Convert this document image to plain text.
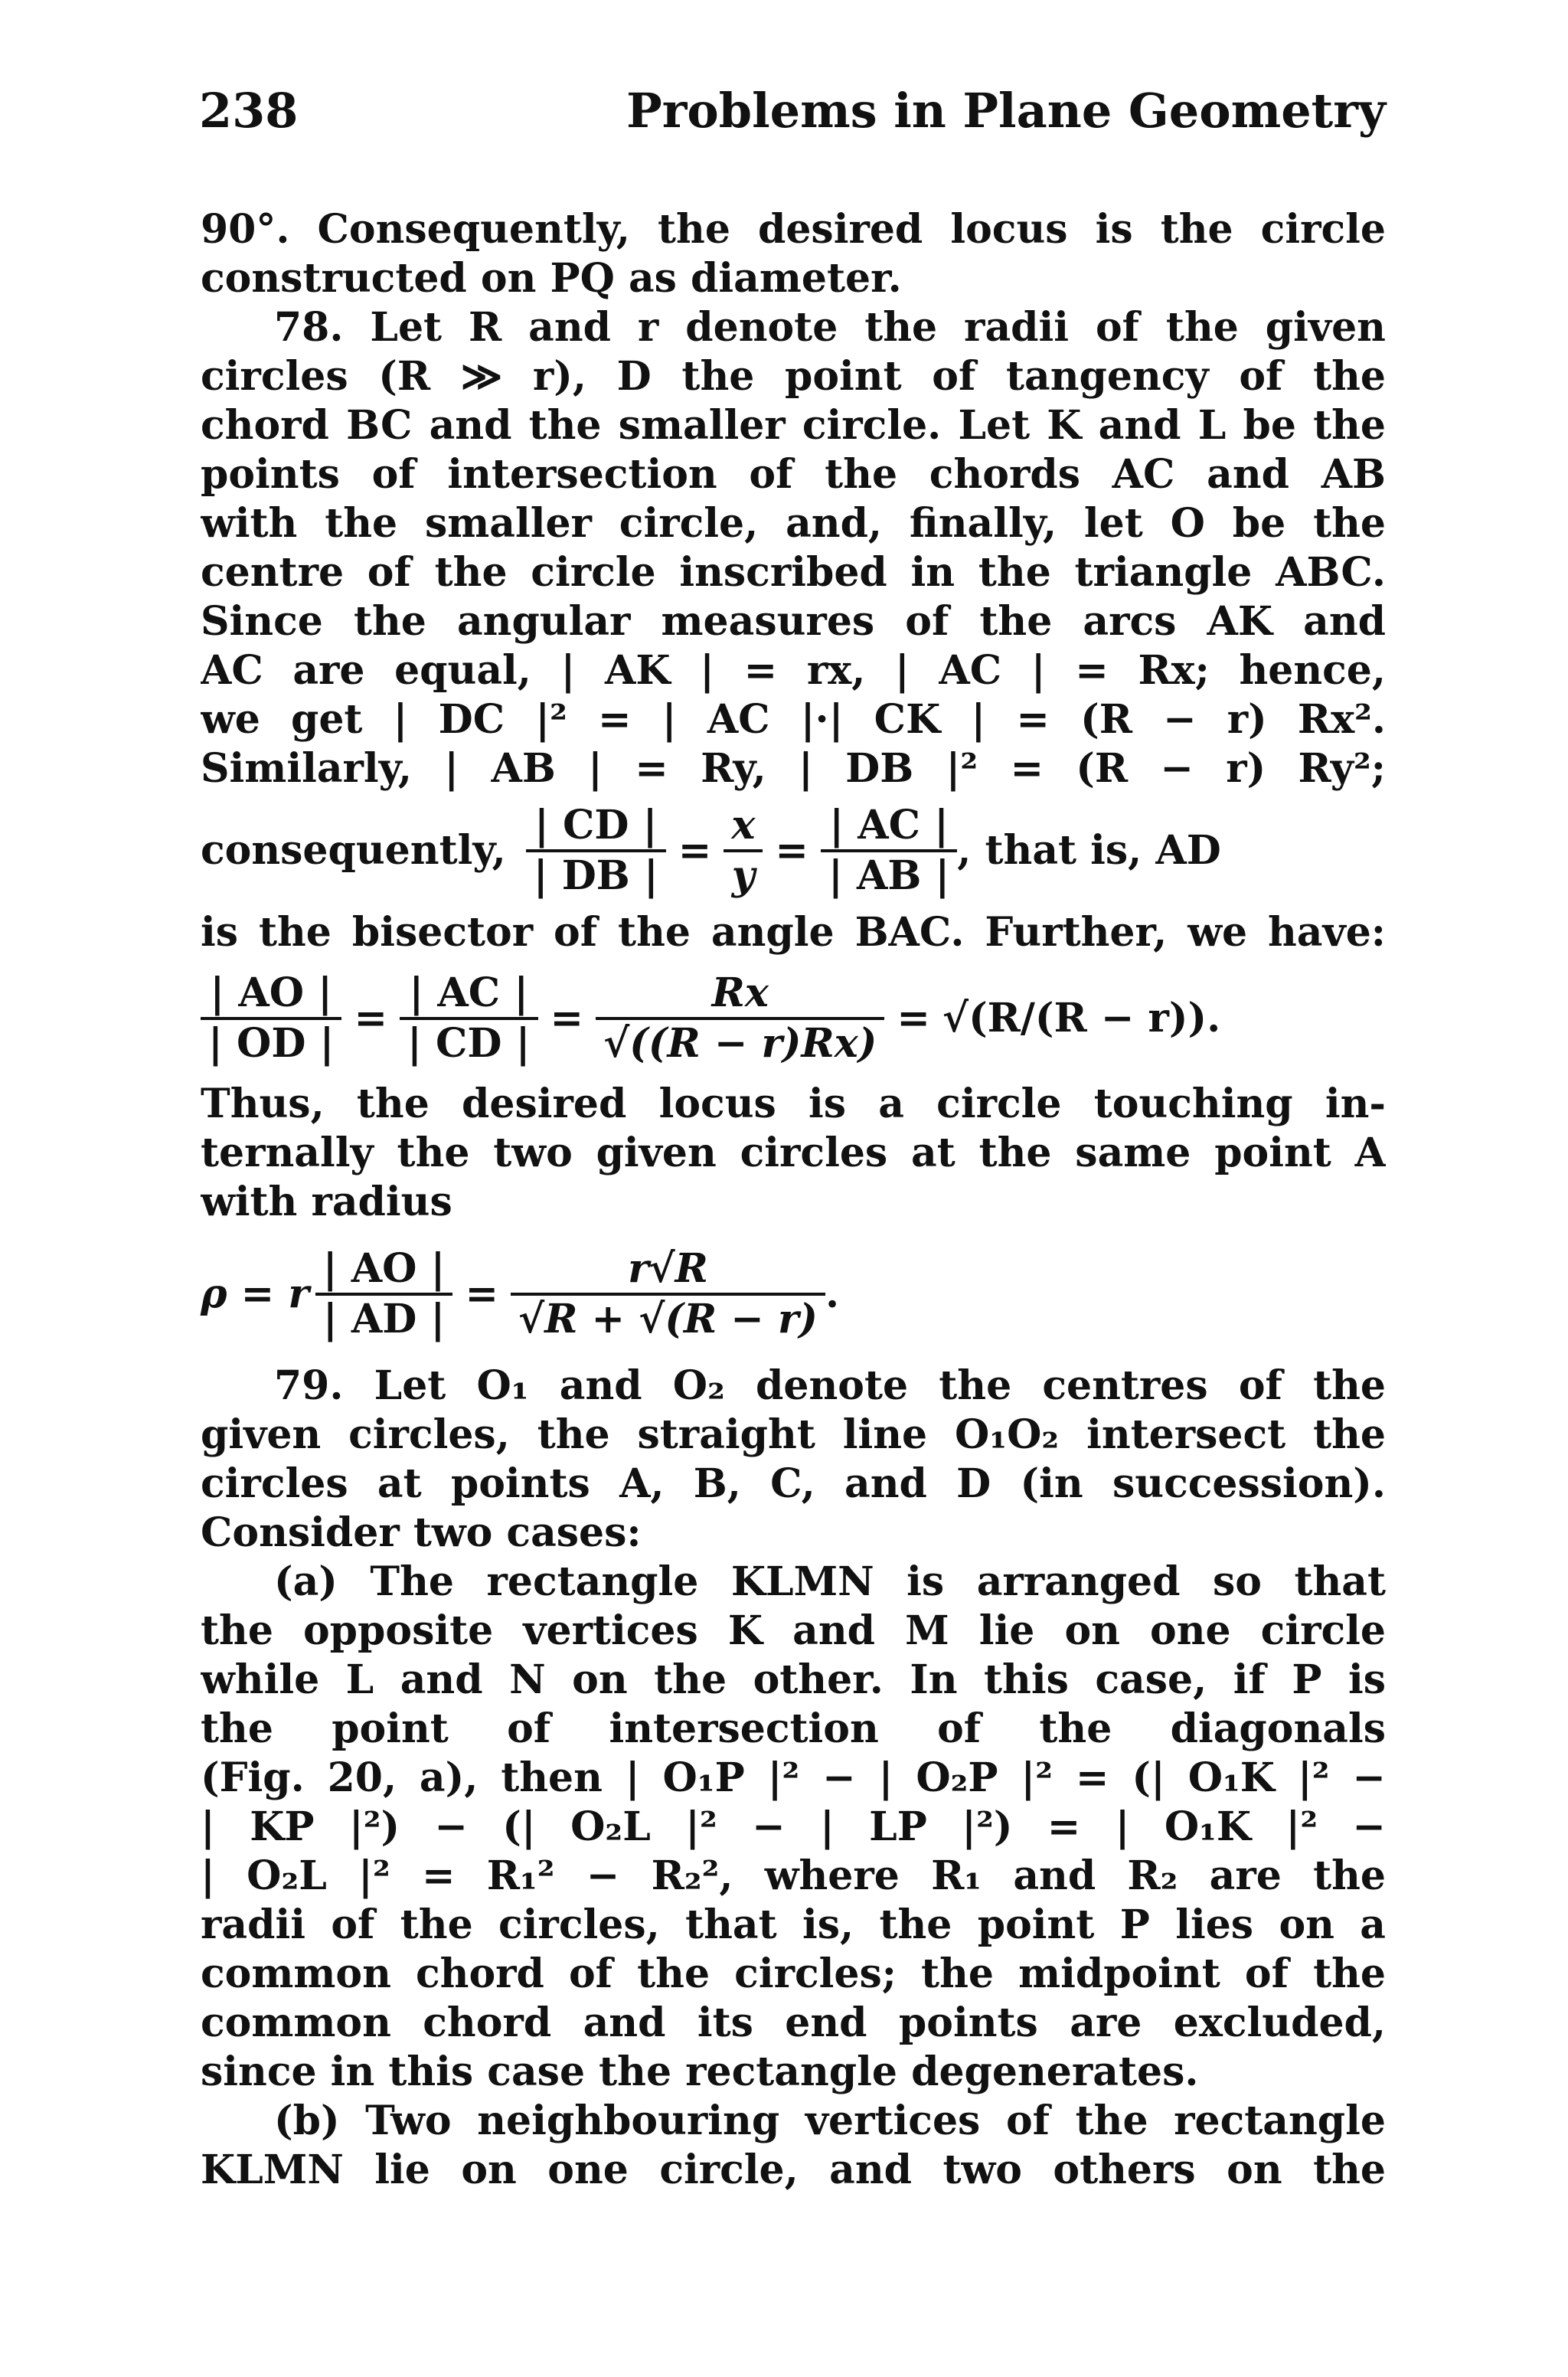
238	Problems in Plane Geometry
90°. Consequently, the desired locus is the circle
constructed on PQ as diameter.
78. Let R and r denote the radii of the given
circles (R ≫ r), D the point of tangency of the
chord BC and the smaller circle. Let K and L be the
points of intersection of the chords AC and AB
with the smaller circle, and, finally, let O be the
centre of the circle inscribed in the triangle ABC.
Since the angular measures of the arcs AK and
AC are equal, | AK | = rx, | AC | = Rx; hence,
we get | DC |² = | AC |·| CK | = (R − r) Rx².
Similarly, | AB | = Ry, | DB |² = (R − r) Ry²;
consequently, $\frac{| CD |}{| DB |} = \frac{x}{y} = \frac{| AC |}{| AB |}$ , that is, AD
is the bisector of the angle BAC. Further, we have:
$\frac{| AO |}{| OD |} = \frac{| AC |}{| CD |} = \frac{Rx}{√((R - r)Rx)} = √(R/(R - r))$ .
Thus, the desired locus is a circle touching in-
ternally the two given circles at the same point A
with radius
ρ = r $\frac{| AO |}{| AD |} = \frac{r√R}{√R + √(R - r)}$ .
79. Let O₁ and O₂ denote the centres of the
given circles, the straight line O₁O₂ intersect the
circles at points A, B, C, and D (in succession).
Consider two cases:
(a) The rectangle KLMN is arranged so that
the opposite vertices K and M lie on one circle
while L and N on the other. In this case, if P is
the point of intersection of the diagonals
(Fig. 20, a), then | O₁P |² − | O₂P |² = (| O₁K |² −
| KP |²) − (| O₂L |² − | LP |²) = | O₁K |² −
| O₂L |² = R₁² − R₂², where R₁ and R₂ are the
radii of the circles, that is, the point P lies on a
common chord of the circles; the midpoint of the
common chord and its end points are excluded,
since in this case the rectangle degenerates.
(b) Two neighbouring vertices of the rectangle
KLMN lie on one circle, and two others on the
